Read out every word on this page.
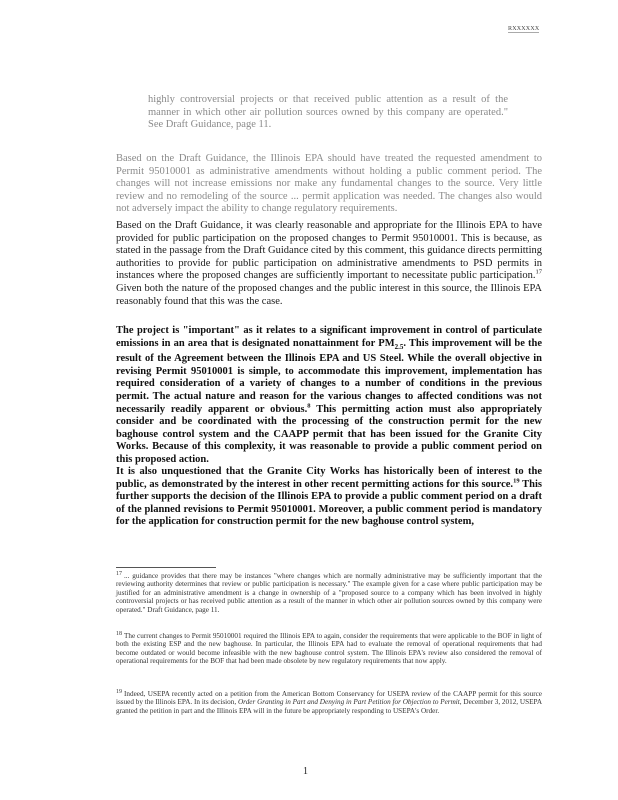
RXXXXXX
highly controversial projects or that received public attention as a result of the manner in which other air pollution sources owned by this company are operated." See Draft Guidance, page 11.
Based on the Draft Guidance, the Illinois EPA should have treated the requested amendment to Permit 95010001 as administrative amendments without holding a public comment period. The changes will not increase emissions nor make any fundamental changes to the source. Very little review and no remodeling of the source ... permit application was needed. The changes also would not adversely impact the ability to change regulatory requirements.
Based on the Draft Guidance, it was clearly reasonable and appropriate for the Illinois EPA to have provided for public participation on the proposed changes to Permit 95010001. This is because, as stated in the passage from the Draft Guidance cited by this comment, this guidance directs permitting authorities to provide for public participation on administrative amendments to PSD permits in instances where the proposed changes are sufficiently important to necessitate public participation.$^{17}$ Given both the nature of the proposed changes and the public interest in this source, the Illinois EPA reasonably found that this was the case.
The project is "important" as it relates to a significant improvement in control of particulate emissions in an area that is designated nonattainment for $PM_{2.5}$. This improvement will be the result of the Agreement between the Illinois EPA and US Steel. While the overall objective in revising Permit 95010001 is simple, to accommodate this improvement, implementation has required consideration of a variety of changes to a number of conditions in the previous permit. The actual nature and reason for the various changes to affected conditions was not necessarily readily apparent or obvious.$^8$ This permitting action must also appropriately consider and be coordinated with the processing of the construction permit for the new baghouse control system and the CAAPP permit that has been issued for the Granite City Works. Because of this complexity, it was reasonable to provide a public comment period on this proposed action.
It is also unquestioned that the Granite City Works has historically been of interest to the public, as demonstrated by the interest in other recent permitting actions for this source.$^{19}$ This further supports the decision of the Illinois EPA to provide a public comment period on a draft of the planned revisions to Permit 95010001. Moreover, a public comment period is mandatory for the application for construction permit for the new baghouse control system,
$^{17}$ ... guidance provides that there may be instances "where changes which are normally administrative may be sufficiently important that the reviewing authority determines that review or public participation is necessary." The example given for a case where public participation may be justified for an administrative amendment is a change in ownership of a "proposed source to a company which has been involved in highly controversial projects or has received public attention as a result of the manner in which other air pollution sources owned by this company were operated." Draft Guidance, page 11.
$^{18}$ The current changes to Permit 95010001 required the Illinois EPA to again, consider the requirements that were applicable to the BOF in light of both the existing ESP and the new baghouse. In particular, the Illinois EPA had to evaluate the removal of operational requirements that had become outdated or would become infeasible with the new baghouse control system. The Illinois EPA's review also considered the removal of operational requirements for the BOF that had been made obsolete by new regulatory requirements that now apply.
$^{19}$ Indeed, USEPA recently acted on a petition from the American Bottom Conservancy for USEPA review of the CAAPP permit for this source issued by the Illinois EPA. In its decision, Order Granting in Part and Denying in Part Petition for Objection to Permit, December 3, 2012, USEPA granted the petition in part and the Illinois EPA will in the future be appropriately responding to USEPA's Order.
1
